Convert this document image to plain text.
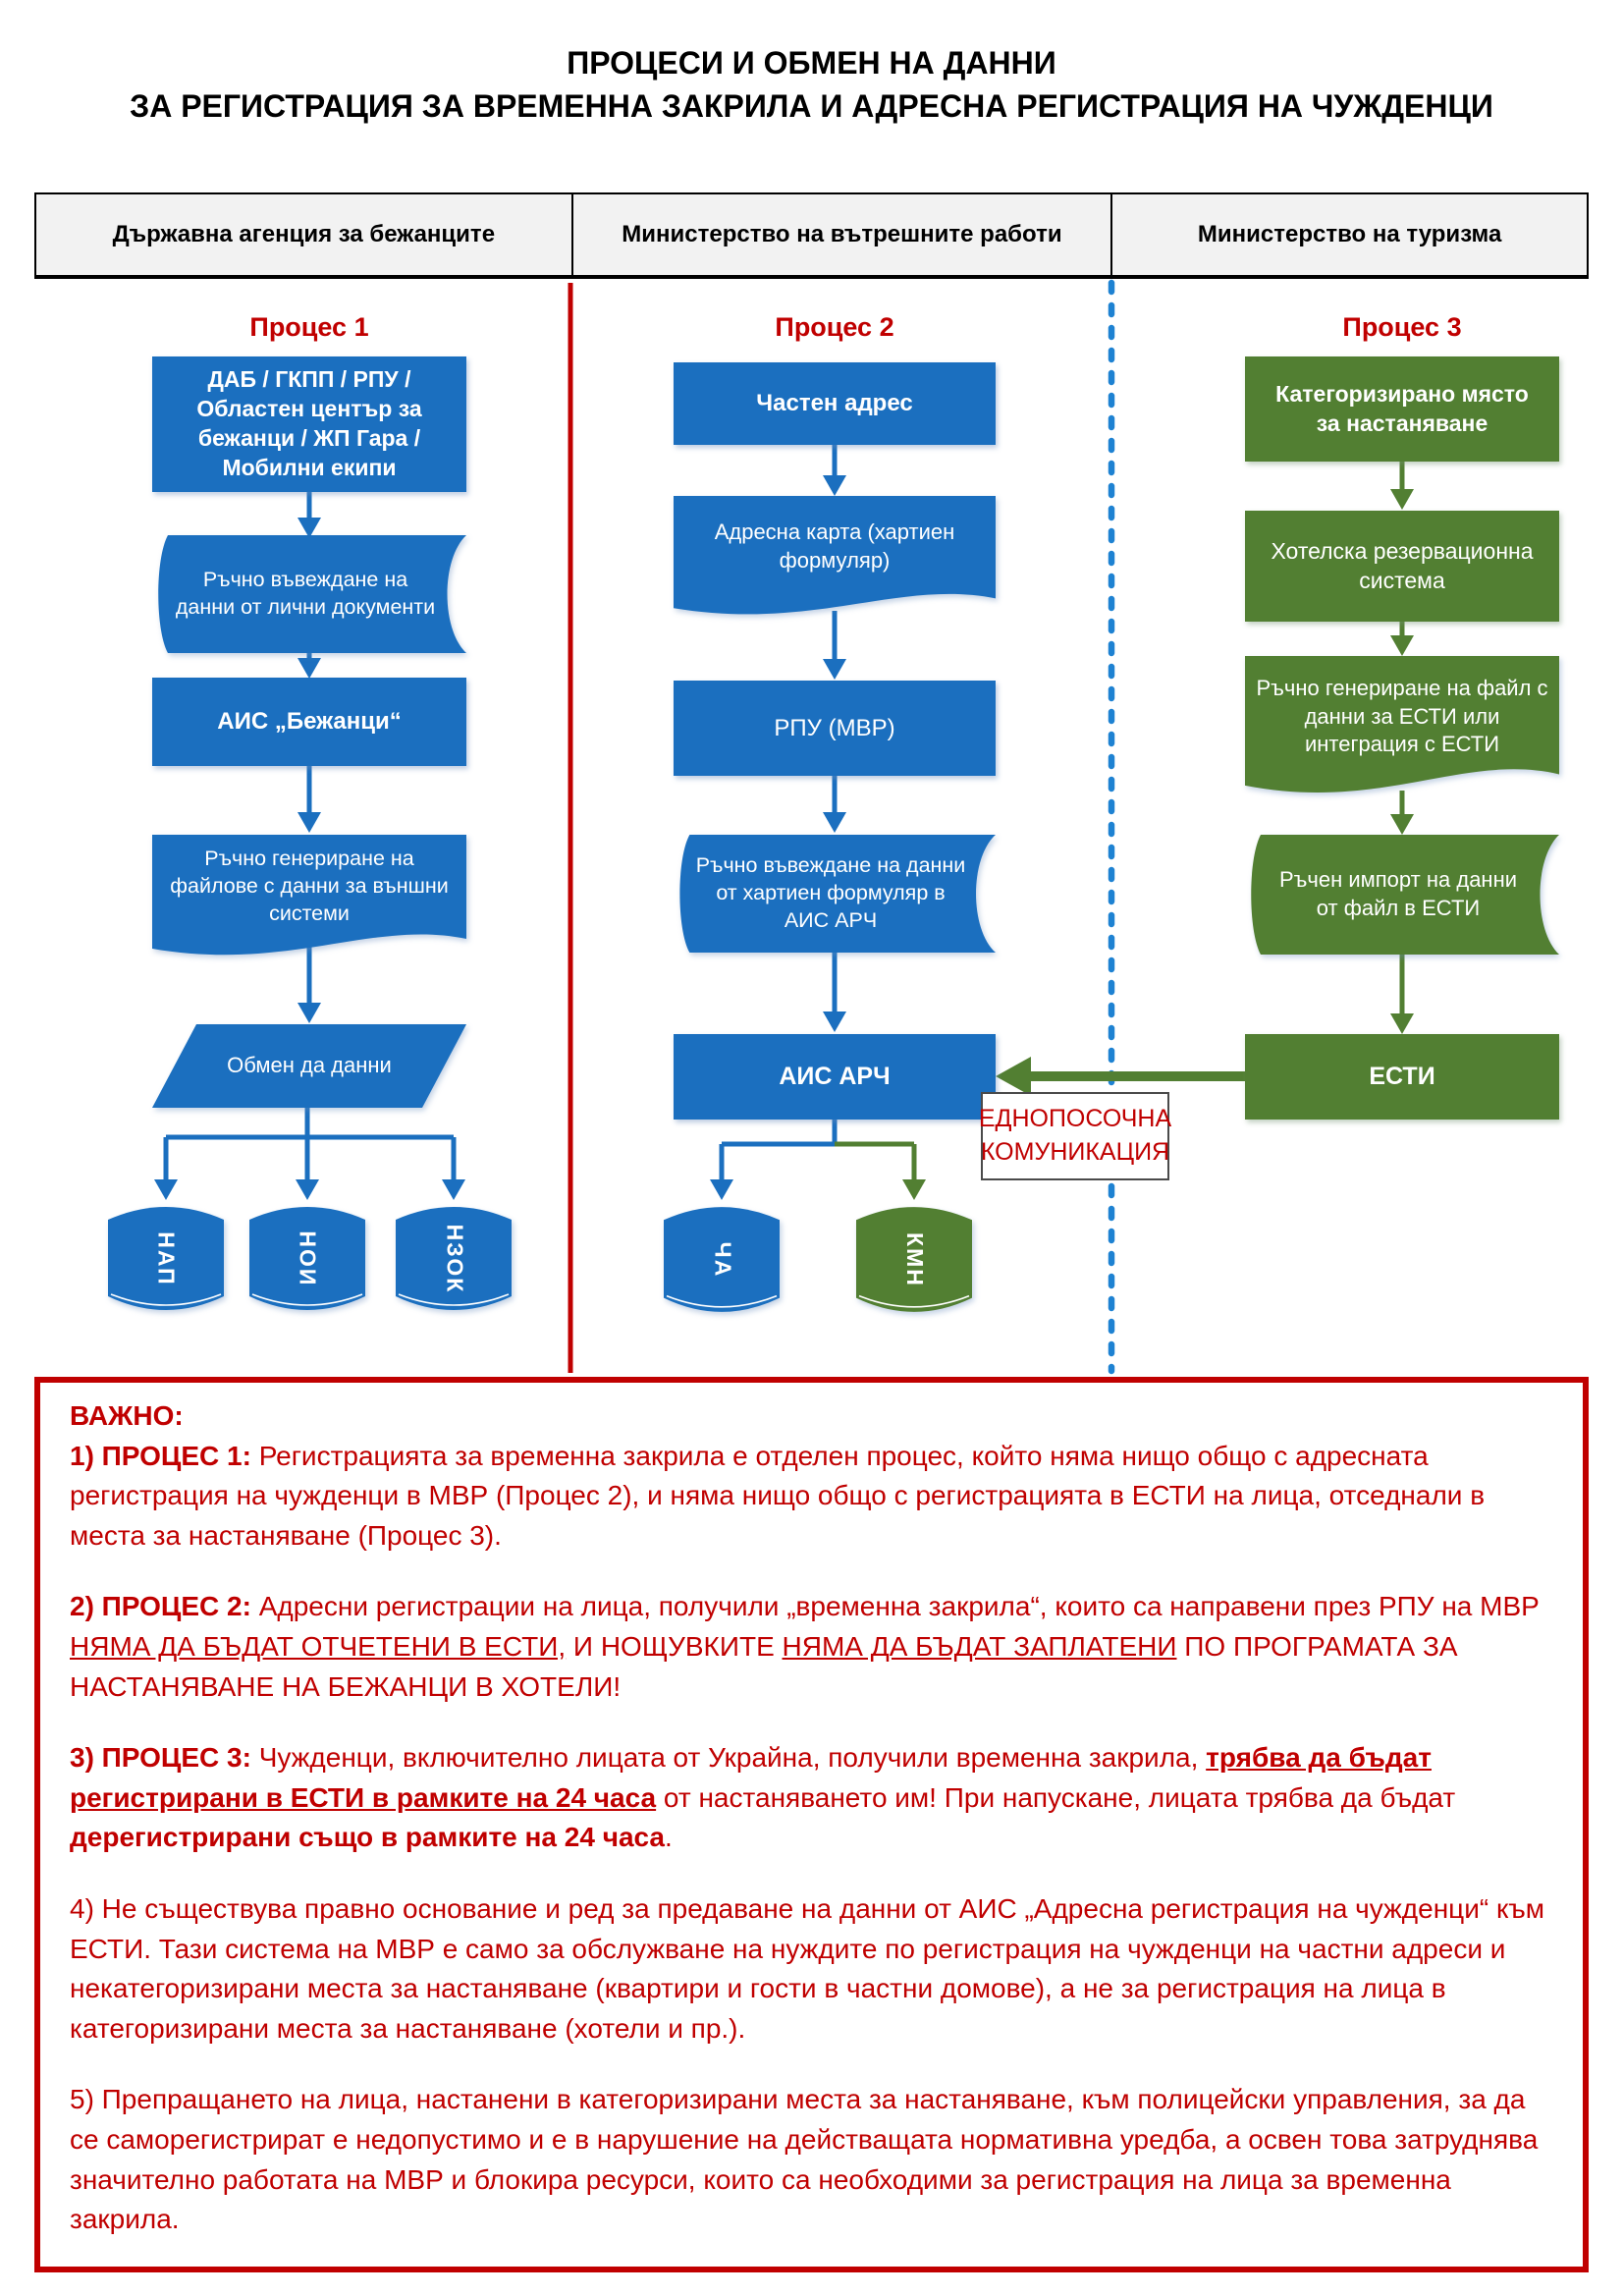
ПРОЦЕСИ И ОБМЕН НА ДАННИ
ЗА РЕГИСТРАЦИЯ ЗА ВРЕМЕННА ЗАКРИЛА И АДРЕСНА РЕГИСТРАЦИЯ НА ЧУЖДЕНЦИ
Държавна агенция за бежанците	Министерство на вътрешните работи	Министерство на туризма
Процес 1	Процес 2	Процес 3
ДАБ / ГКПП / РПУ / Областен център за бежанци / ЖП Гара / Мобилни екипи
Ръчно въвеждане на данни от лични документи
АИС „Бежанци“
Ръчно генериране на файлове с данни за външни системи
Обмен да данни
НАП	НОИ	НЗОК
Частен адрес
Адресна карта (хартиен формуляр)
РПУ (МВР)
Ръчно въвеждане на данни от хартиен формуляр в АИС АРЧ
АИС АРЧ
ЧА	КМН
Категоризирано място за настаняване
Хотелска резервационна система
Ръчно генериране на файл с данни за ЕСТИ или интеграция с ЕСТИ
Ръчен импорт на данни от файл в ЕСТИ
ЕСТИ
ЕДНОПОСОЧНА
КОМУНИКАЦИЯ

ВАЖНО:

1) ПРОЦЕС 1: Регистрацията за временна закрила е отделен процес, който няма нищо общо с адресната регистрация на чужденци в МВР (Процес 2), и няма нищо общо с регистрацията в ЕСТИ на лица, отседнали в места за настаняване (Процес 3).

2) ПРОЦЕС 2: Адресни регистрации на лица, получили „временна закрила“, които са направени през РПУ на МВР НЯМА ДА БЪДАТ ОТЧЕТЕНИ В ЕСТИ, И НОЩУВКИТЕ НЯМА ДА БЪДАТ ЗАПЛАТЕНИ ПО ПРОГРАМАТА ЗА НАСТАНЯВАНЕ НА БЕЖАНЦИ В ХОТЕЛИ!

3) ПРОЦЕС 3: Чужденци, включително лицата от Украйна, получили временна закрила, трябва да бъдат регистрирани в ЕСТИ в рамките на 24 часа от настаняването им! При напускане, лицата трябва да бъдат дерегистрирани също в рамките на 24 часа.

4) Не съществува правно основание и ред за предаване на данни от АИС „Адресна регистрация на чужденци“ към ЕСТИ. Тази система на МВР е само за обслужване на нуждите по регистрация на чужденци на частни адреси и некатегоризирани места за настаняване (квартири и гости в частни домове), а не за регистрация на лица в категоризирани места за настаняване (хотели и пр.).

5) Препращането на лица, настанени в категоризирани места за настаняване, към полицейски управления, за да се саморегистрират е недопустимо и е в нарушение на действащата нормативна уредба, а освен това затруднява значително работата на МВР и блокира ресурси, които са необходими за регистрация на лица за временна закрила.
